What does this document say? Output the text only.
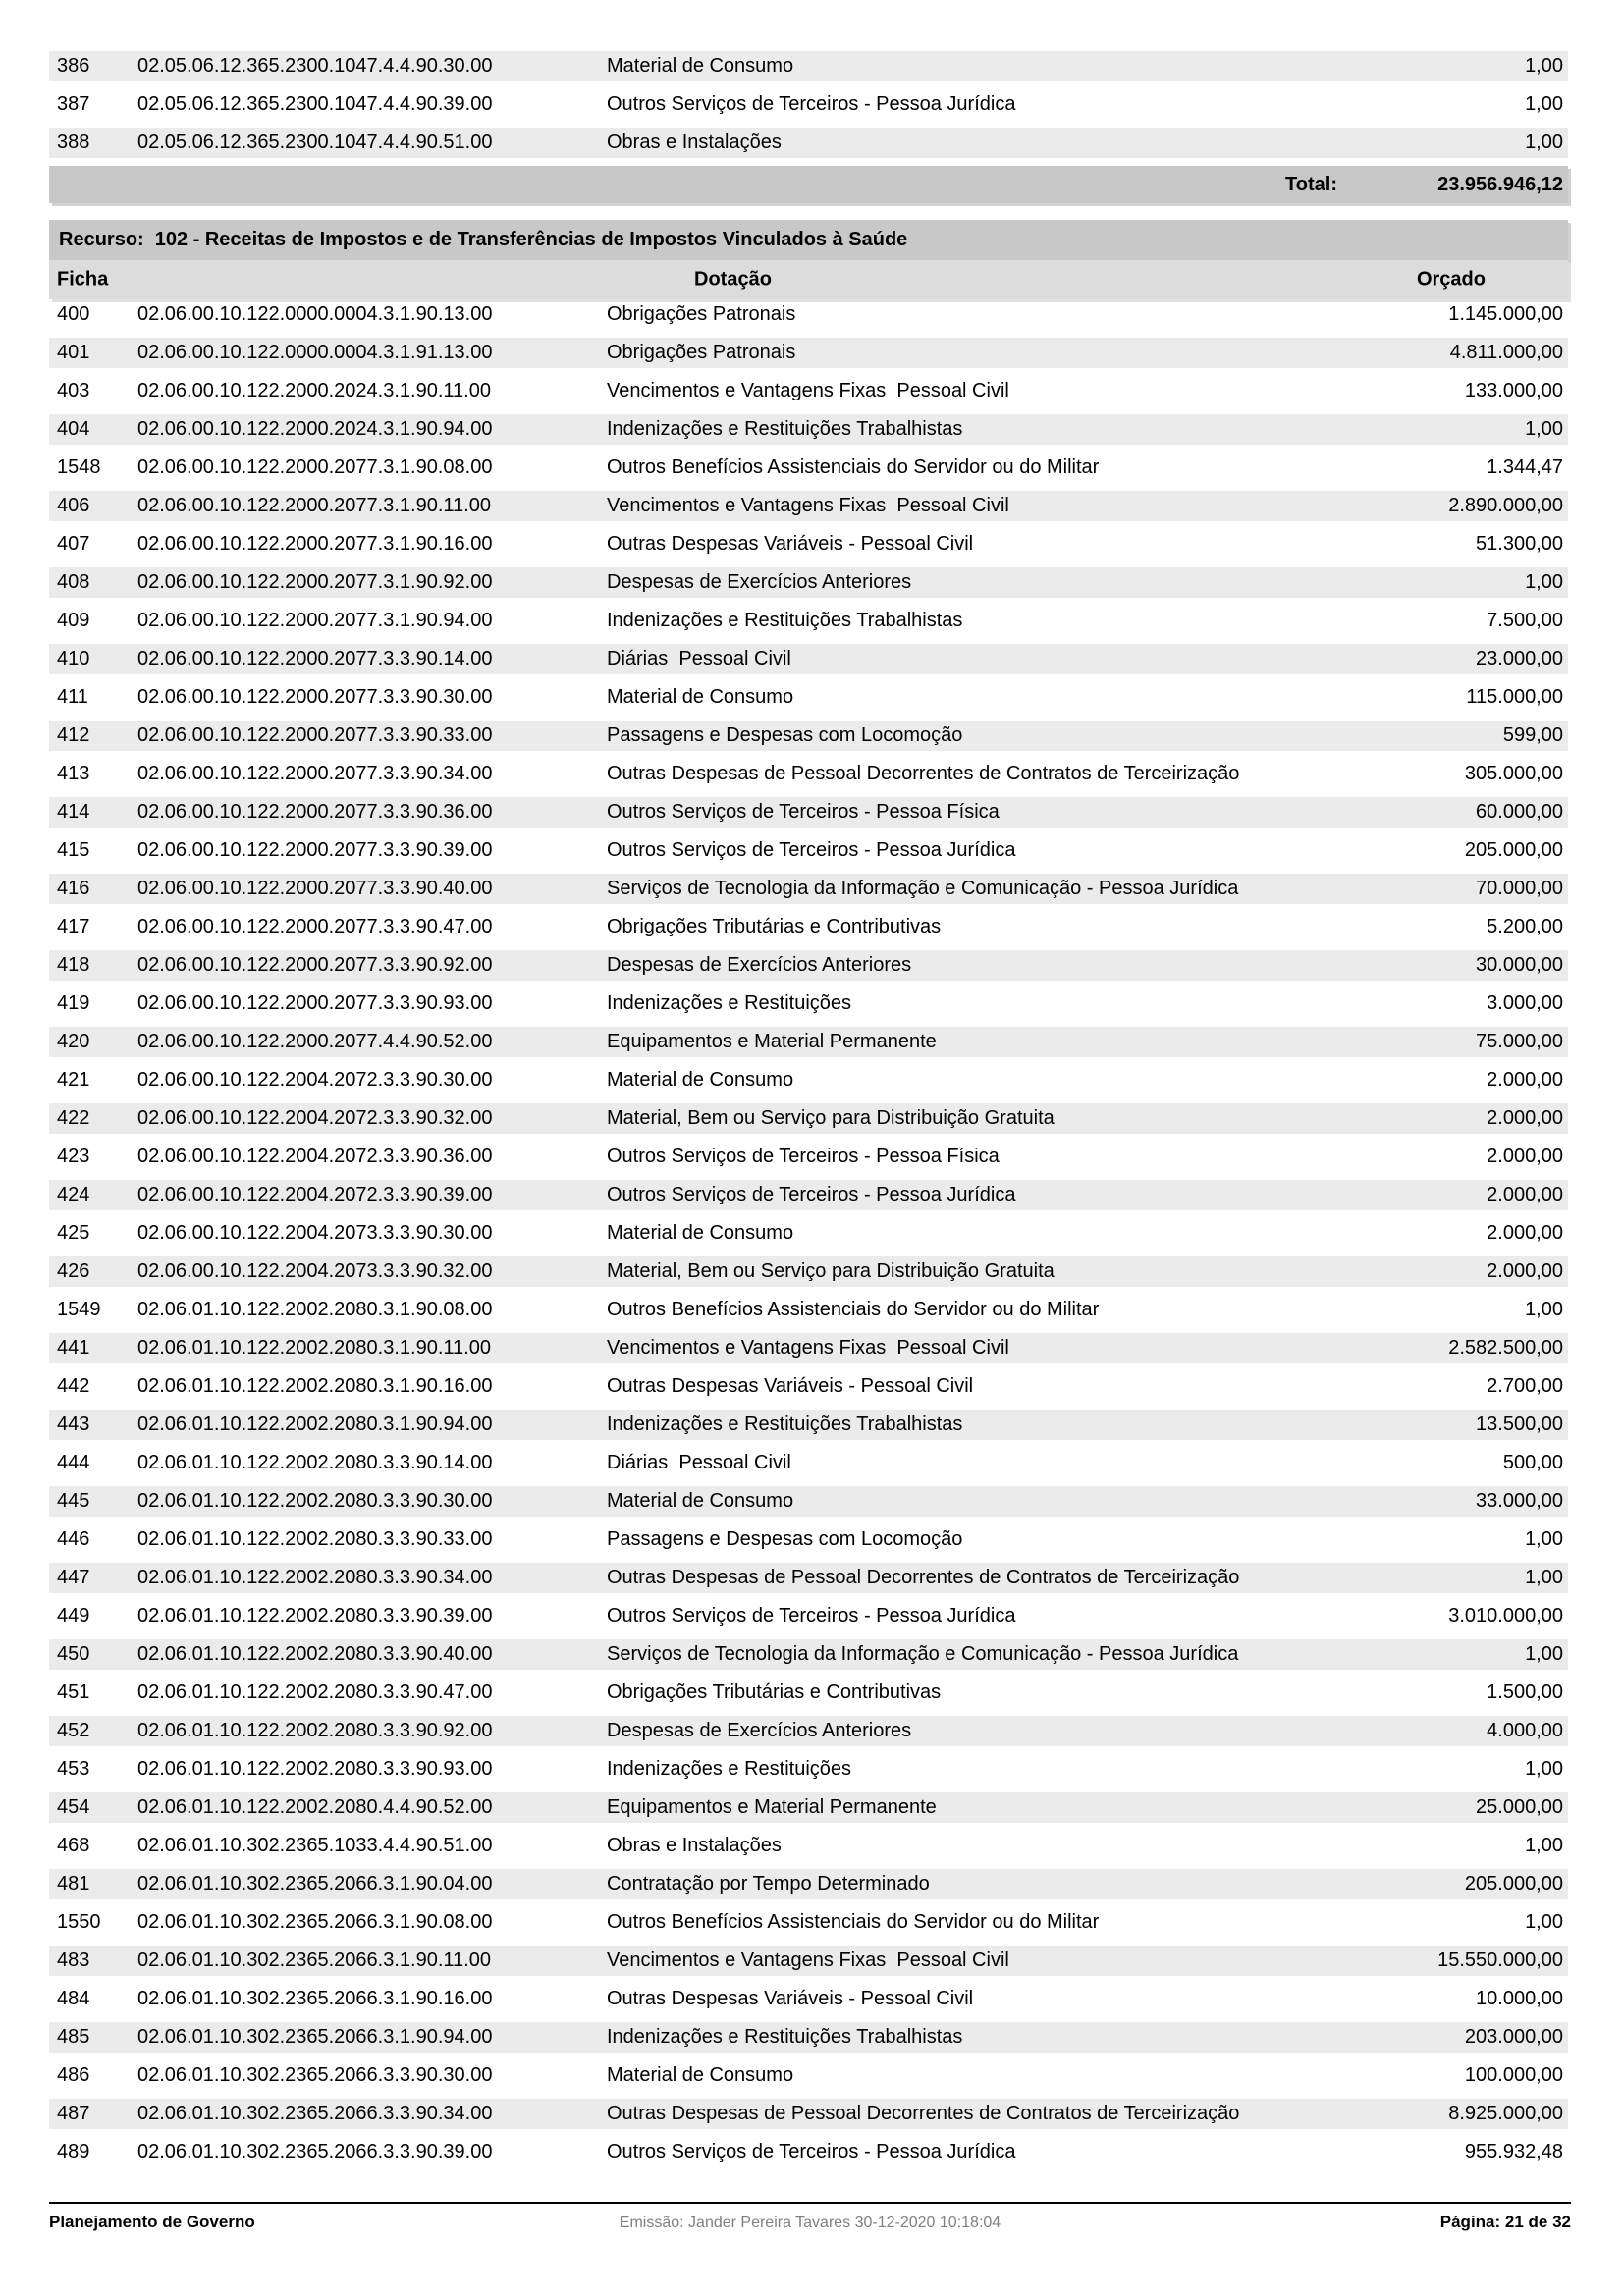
386	02.05.06.12.365.2300.1047.4.4.90.30.00	Material de Consumo	1,00
387	02.05.06.12.365.2300.1047.4.4.90.39.00	Outros Serviços de Terceiros - Pessoa Jurídica	1,00
388	02.05.06.12.365.2300.1047.4.4.90.51.00	Obras e Instalações	1,00
Total:	23.956.946,12
Recurso: 102 - Receitas de Impostos e de Transferências de Impostos Vinculados à Saúde
Ficha	Dotação	Orçado
400	02.06.00.10.122.0000.0004.3.1.90.13.00	Obrigações Patronais	1.145.000,00
401	02.06.00.10.122.0000.0004.3.1.91.13.00	Obrigações Patronais	4.811.000,00
403	02.06.00.10.122.2000.2024.3.1.90.11.00	Vencimentos e Vantagens Fixas  Pessoal Civil	133.000,00
404	02.06.00.10.122.2000.2024.3.1.90.94.00	Indenizações e Restituições Trabalhistas	1,00
1548	02.06.00.10.122.2000.2077.3.1.90.08.00	Outros Benefícios Assistenciais do Servidor ou do Militar	1.344,47
406	02.06.00.10.122.2000.2077.3.1.90.11.00	Vencimentos e Vantagens Fixas  Pessoal Civil	2.890.000,00
407	02.06.00.10.122.2000.2077.3.1.90.16.00	Outras Despesas Variáveis - Pessoal Civil	51.300,00
408	02.06.00.10.122.2000.2077.3.1.90.92.00	Despesas de Exercícios Anteriores	1,00
409	02.06.00.10.122.2000.2077.3.1.90.94.00	Indenizações e Restituições Trabalhistas	7.500,00
410	02.06.00.10.122.2000.2077.3.3.90.14.00	Diárias  Pessoal Civil	23.000,00
411	02.06.00.10.122.2000.2077.3.3.90.30.00	Material de Consumo	115.000,00
412	02.06.00.10.122.2000.2077.3.3.90.33.00	Passagens e Despesas com Locomoção	599,00
413	02.06.00.10.122.2000.2077.3.3.90.34.00	Outras Despesas de Pessoal Decorrentes de Contratos de Terceirização	305.000,00
414	02.06.00.10.122.2000.2077.3.3.90.36.00	Outros Serviços de Terceiros - Pessoa Física	60.000,00
415	02.06.00.10.122.2000.2077.3.3.90.39.00	Outros Serviços de Terceiros - Pessoa Jurídica	205.000,00
416	02.06.00.10.122.2000.2077.3.3.90.40.00	Serviços de Tecnologia da Informação e Comunicação - Pessoa Jurídica	70.000,00
417	02.06.00.10.122.2000.2077.3.3.90.47.00	Obrigações Tributárias e Contributivas	5.200,00
418	02.06.00.10.122.2000.2077.3.3.90.92.00	Despesas de Exercícios Anteriores	30.000,00
419	02.06.00.10.122.2000.2077.3.3.90.93.00	Indenizações e Restituições	3.000,00
420	02.06.00.10.122.2000.2077.4.4.90.52.00	Equipamentos e Material Permanente	75.000,00
421	02.06.00.10.122.2004.2072.3.3.90.30.00	Material de Consumo	2.000,00
422	02.06.00.10.122.2004.2072.3.3.90.32.00	Material, Bem ou Serviço para Distribuição Gratuita	2.000,00
423	02.06.00.10.122.2004.2072.3.3.90.36.00	Outros Serviços de Terceiros - Pessoa Física	2.000,00
424	02.06.00.10.122.2004.2072.3.3.90.39.00	Outros Serviços de Terceiros - Pessoa Jurídica	2.000,00
425	02.06.00.10.122.2004.2073.3.3.90.30.00	Material de Consumo	2.000,00
426	02.06.00.10.122.2004.2073.3.3.90.32.00	Material, Bem ou Serviço para Distribuição Gratuita	2.000,00
1549	02.06.01.10.122.2002.2080.3.1.90.08.00	Outros Benefícios Assistenciais do Servidor ou do Militar	1,00
441	02.06.01.10.122.2002.2080.3.1.90.11.00	Vencimentos e Vantagens Fixas  Pessoal Civil	2.582.500,00
442	02.06.01.10.122.2002.2080.3.1.90.16.00	Outras Despesas Variáveis - Pessoal Civil	2.700,00
443	02.06.01.10.122.2002.2080.3.1.90.94.00	Indenizações e Restituições Trabalhistas	13.500,00
444	02.06.01.10.122.2002.2080.3.3.90.14.00	Diárias  Pessoal Civil	500,00
445	02.06.01.10.122.2002.2080.3.3.90.30.00	Material de Consumo	33.000,00
446	02.06.01.10.122.2002.2080.3.3.90.33.00	Passagens e Despesas com Locomoção	1,00
447	02.06.01.10.122.2002.2080.3.3.90.34.00	Outras Despesas de Pessoal Decorrentes de Contratos de Terceirização	1,00
449	02.06.01.10.122.2002.2080.3.3.90.39.00	Outros Serviços de Terceiros - Pessoa Jurídica	3.010.000,00
450	02.06.01.10.122.2002.2080.3.3.90.40.00	Serviços de Tecnologia da Informação e Comunicação - Pessoa Jurídica	1,00
451	02.06.01.10.122.2002.2080.3.3.90.47.00	Obrigações Tributárias e Contributivas	1.500,00
452	02.06.01.10.122.2002.2080.3.3.90.92.00	Despesas de Exercícios Anteriores	4.000,00
453	02.06.01.10.122.2002.2080.3.3.90.93.00	Indenizações e Restituições	1,00
454	02.06.01.10.122.2002.2080.4.4.90.52.00	Equipamentos e Material Permanente	25.000,00
468	02.06.01.10.302.2365.1033.4.4.90.51.00	Obras e Instalações	1,00
481	02.06.01.10.302.2365.2066.3.1.90.04.00	Contratação por Tempo Determinado	205.000,00
1550	02.06.01.10.302.2365.2066.3.1.90.08.00	Outros Benefícios Assistenciais do Servidor ou do Militar	1,00
483	02.06.01.10.302.2365.2066.3.1.90.11.00	Vencimentos e Vantagens Fixas  Pessoal Civil	15.550.000,00
484	02.06.01.10.302.2365.2066.3.1.90.16.00	Outras Despesas Variáveis - Pessoal Civil	10.000,00
485	02.06.01.10.302.2365.2066.3.1.90.94.00	Indenizações e Restituições Trabalhistas	203.000,00
486	02.06.01.10.302.2365.2066.3.3.90.30.00	Material de Consumo	100.000,00
487	02.06.01.10.302.2365.2066.3.3.90.34.00	Outras Despesas de Pessoal Decorrentes de Contratos de Terceirização	8.925.000,00
489	02.06.01.10.302.2365.2066.3.3.90.39.00	Outros Serviços de Terceiros - Pessoa Jurídica	955.932,48
Planejamento de Governo	Emissão: Jander Pereira Tavares 30-12-2020 10:18:04	Página: 21 de 32
